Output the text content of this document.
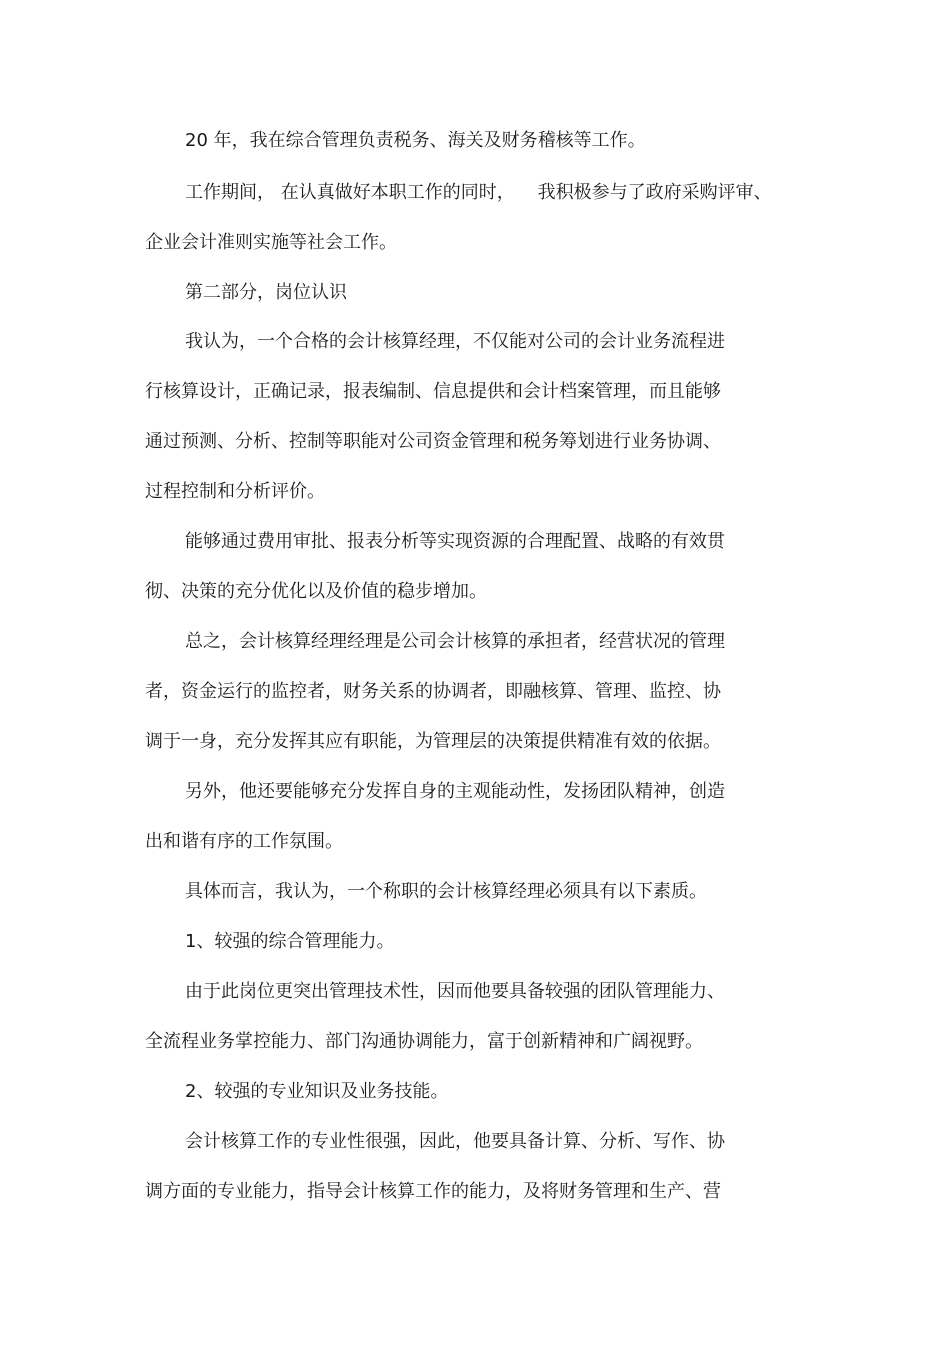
20 年，我在综合管理负责税务、海关及财务稽核等工作。
工作期间， 在认真做好本职工作的同时，    我积极参与了政府采购评审、
企业会计准则实施等社会工作。
第二部分，岗位认识
我认为，一个合格的会计核算经理，不仅能对公司的会计业务流程进
行核算设计，正确记录，报表编制、信息提供和会计档案管理，而且能够
通过预测、分析、控制等职能对公司资金管理和税务筹划进行业务协调、
过程控制和分析评价。
能够通过费用审批、报表分析等实现资源的合理配置、战略的有效贯
彻、决策的充分优化以及价值的稳步增加。
总之，会计核算经理经理是公司会计核算的承担者，经营状况的管理
者，资金运行的监控者，财务关系的协调者，即融核算、管理、监控、协
调于一身，充分发挥其应有职能，为管理层的决策提供精准有效的依据。
另外，他还要能够充分发挥自身的主观能动性，发扬团队精神，创造
出和谐有序的工作氛围。
具体而言，我认为，一个称职的会计核算经理必须具有以下素质。
1、较强的综合管理能力。
由于此岗位更突出管理技术性，因而他要具备较强的团队管理能力、
全流程业务掌控能力、部门沟通协调能力，富于创新精神和广阔视野。
2、较强的专业知识及业务技能。
会计核算工作的专业性很强，因此，他要具备计算、分析、写作、协
调方面的专业能力，指导会计核算工作的能力，及将财务管理和生产、营
